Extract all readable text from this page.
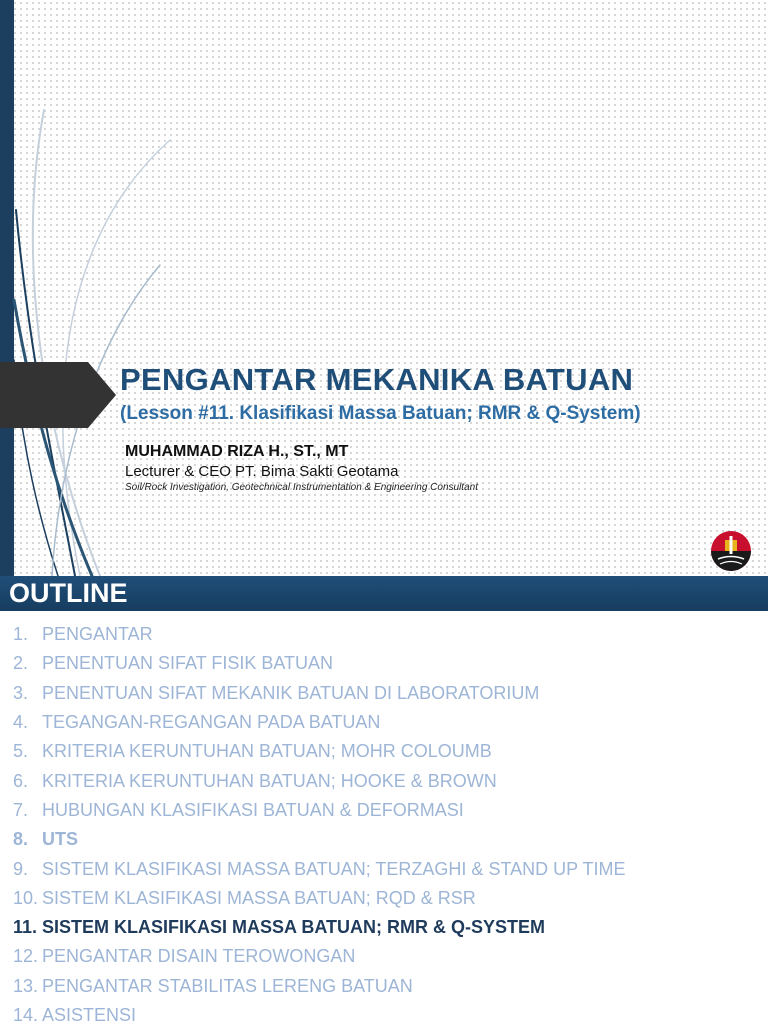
PENGANTAR MEKANIKA BATUAN
(Lesson #11. Klasifikasi Massa Batuan; RMR & Q-System)

MUHAMMAD RIZA H., ST., MT

Lecturer & CEO PT. Bima Sakti Geotama

Soil/Rock Investigation, Geotechnical Instrumentation & Engineering Consultant

OUTLINE
1. PENGANTAR
2. PENENTUAN SIFAT FISIK BATUAN
3. PENENTUAN SIFAT MEKANIK BATUAN DI LABORATORIUM
4. TEGANGAN-REGANGAN PADA BATUAN
5. KRITERIA KERUNTUHAN BATUAN; MOHR COLOUMB
6. KRITERIA KERUNTUHAN BATUAN; HOOKE & BROWN
7. HUBUNGAN KLASIFIKASI BATUAN & DEFORMASI
8. UTS
9. SISTEM KLASIFIKASI MASSA BATUAN; TERZAGHI & STAND UP TIME
10. SISTEM KLASIFIKASI MASSA BATUAN; RQD & RSR
11. SISTEM KLASIFIKASI MASSA BATUAN; RMR & Q-SYSTEM
12. PENGANTAR DISAIN TEROWONGAN
13. PENGANTAR STABILITAS LERENG BATUAN
14. ASISTENSI
